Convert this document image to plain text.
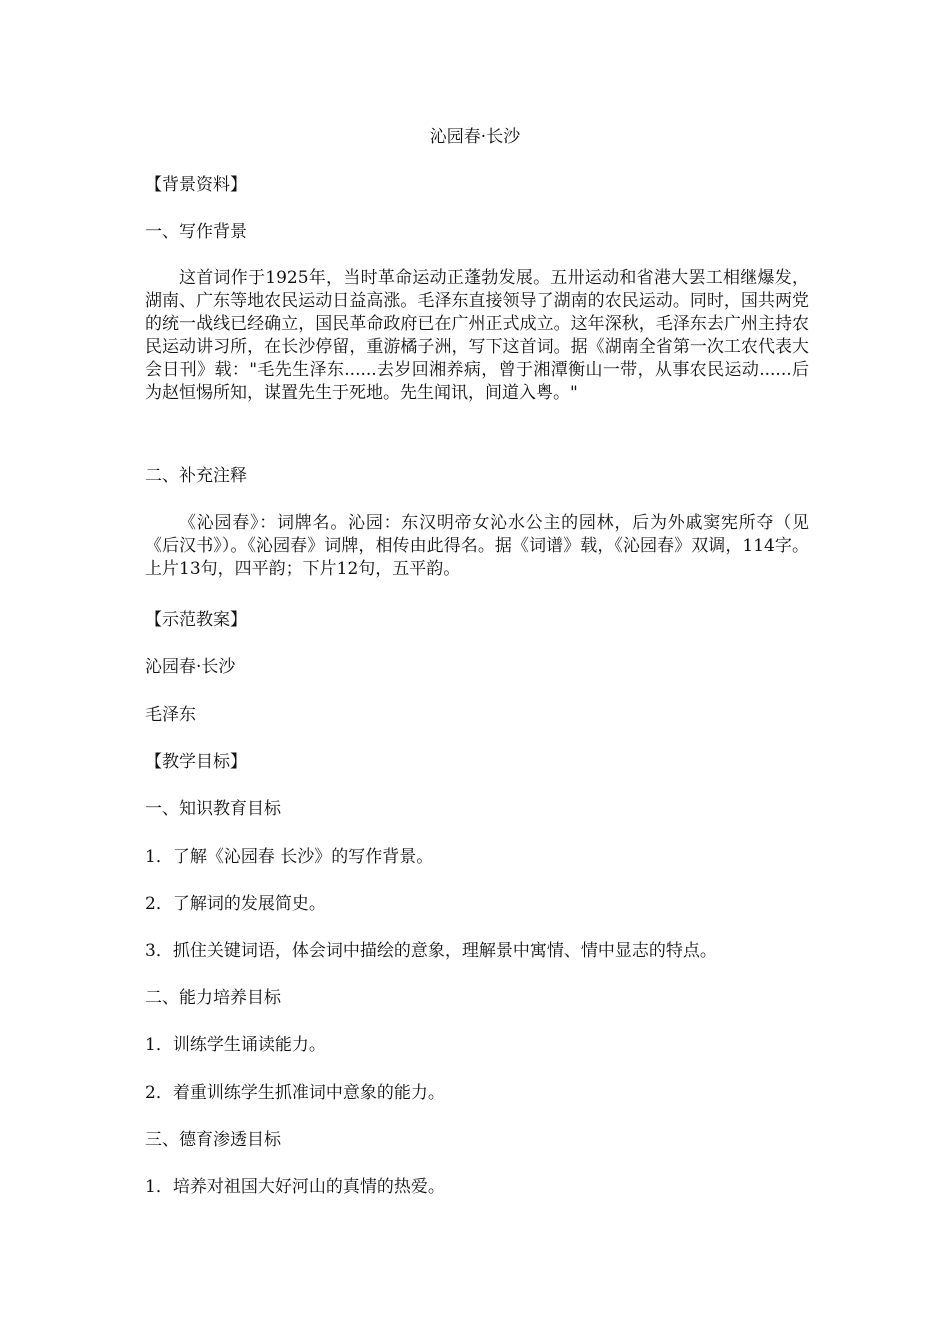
沁园春·长沙
【背景资料】
一、写作背景
这首词作于1925年，当时革命运动正蓬勃发展。五卅运动和省港大罢工相继爆发，湖南、广东等地农民运动日益高涨。毛泽东直接领导了湖南的农民运动。同时，国共两党的统一战线已经确立，国民革命政府已在广州正式成立。这年深秋，毛泽东去广州主持农民运动讲习所，在长沙停留，重游橘子洲，写下这首词。据《湖南全省第一次工农代表大会日刊》载："毛先生泽东......去岁回湘养病，曾于湘潭衡山一带，从事农民运动......后为赵恒惕所知，谋置先生于死地。先生闻讯，间道入粤。"
二、补充注释
《沁园春》：词牌名。沁园：东汉明帝女沁水公主的园林，后为外戚窦宪所夺（见《后汉书》）。《沁园春》词牌，相传由此得名。据《词谱》载，《沁园春》双调，114字。上片13句，四平韵；下片12句，五平韵。
【示范教案】
沁园春·长沙
毛泽东
【教学目标】
一、知识教育目标
1．了解《沁园春 长沙》的写作背景。
2．了解词的发展简史。
3．抓住关键词语，体会词中描绘的意象，理解景中寓情、情中显志的特点。
二、能力培养目标
1．训练学生诵读能力。
2．着重训练学生抓准词中意象的能力。
三、德育渗透目标
1．培养对祖国大好河山的真情的热爱。
